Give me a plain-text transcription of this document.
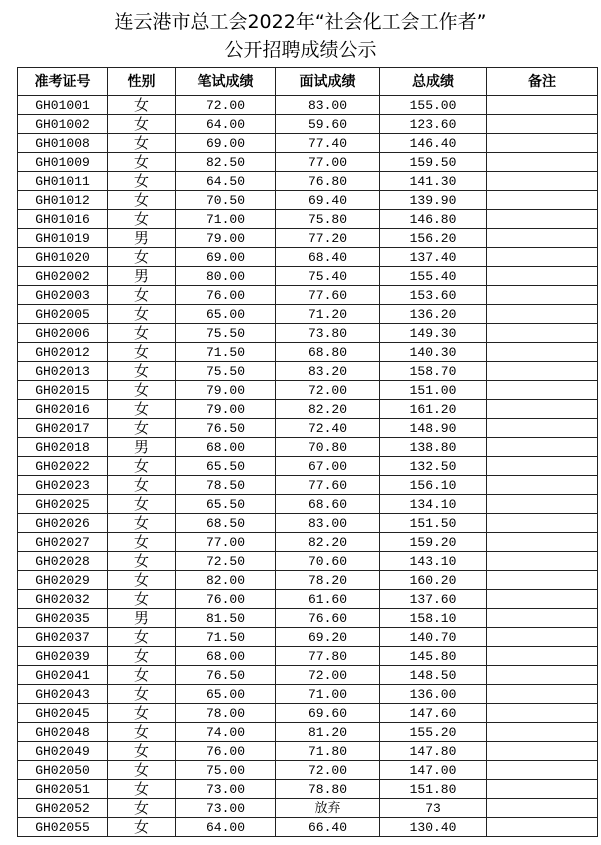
连云港市总工会2022年“社会化工会工作者”
公开招聘成绩公示
准考证号	性别	笔试成绩	面试成绩	总成绩	备注
GH01001	女	72.00	83.00	155.00
GH01002	女	64.00	59.60	123.60
GH01008	女	69.00	77.40	146.40
GH01009	女	82.50	77.00	159.50
GH01011	女	64.50	76.80	141.30
GH01012	女	70.50	69.40	139.90
GH01016	女	71.00	75.80	146.80
GH01019	男	79.00	77.20	156.20
GH01020	女	69.00	68.40	137.40
GH02002	男	80.00	75.40	155.40
GH02003	女	76.00	77.60	153.60
GH02005	女	65.00	71.20	136.20
GH02006	女	75.50	73.80	149.30
GH02012	女	71.50	68.80	140.30
GH02013	女	75.50	83.20	158.70
GH02015	女	79.00	72.00	151.00
GH02016	女	79.00	82.20	161.20
GH02017	女	76.50	72.40	148.90
GH02018	男	68.00	70.80	138.80
GH02022	女	65.50	67.00	132.50
GH02023	女	78.50	77.60	156.10
GH02025	女	65.50	68.60	134.10
GH02026	女	68.50	83.00	151.50
GH02027	女	77.00	82.20	159.20
GH02028	女	72.50	70.60	143.10
GH02029	女	82.00	78.20	160.20
GH02032	女	76.00	61.60	137.60
GH02035	男	81.50	76.60	158.10
GH02037	女	71.50	69.20	140.70
GH02039	女	68.00	77.80	145.80
GH02041	女	76.50	72.00	148.50
GH02043	女	65.00	71.00	136.00
GH02045	女	78.00	69.60	147.60
GH02048	女	74.00	81.20	155.20
GH02049	女	76.00	71.80	147.80
GH02050	女	75.00	72.00	147.00
GH02051	女	73.00	78.80	151.80
GH02052	女	73.00	放弃	73
GH02055	女	64.00	66.40	130.40
